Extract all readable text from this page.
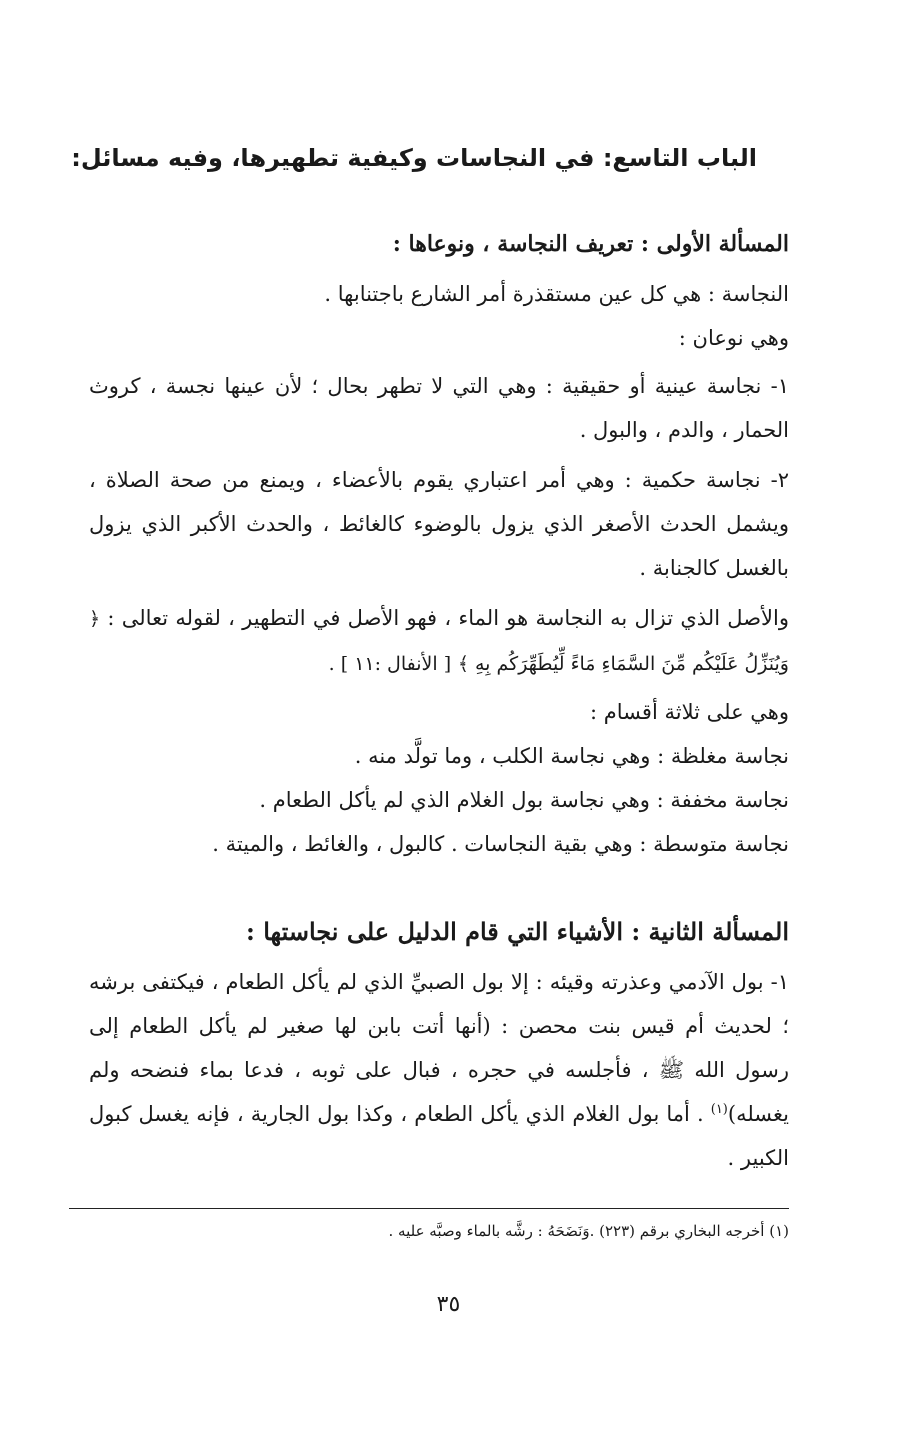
الباب التاسع: في النجاسات وكيفية تطهيرها، وفيه مسائل:

المسألة الأولى : تعريف النجاسة ، ونوعاها :

النجاسة : هي كل عين مستقذرة أمر الشارع باجتنابها .

وهي نوعان :

١- نجاسة عينية أو حقيقية : وهي التي لا تطهر بحال ؛ لأن عينها نجسة ، كروث الحمار ، والدم ، والبول .

٢- نجاسة حكمية : وهي أمر اعتباري يقوم بالأعضاء ، ويمنع من صحة الصلاة ، ويشمل الحدث الأصغر الذي يزول بالوضوء كالغائط ، والحدث الأكبر الذي يزول بالغسل كالجنابة .

والأصل الذي تزال به النجاسة هو الماء ، فهو الأصل في التطهير ، لقوله تعالى : ﴿ وَيُنَزِّلُ عَلَيْكُم مِّنَ السَّمَاءِ مَاءً لِّيُطَهِّرَكُم بِهِ ﴾ [ الأنفال :١١ ] .

وهي على ثلاثة أقسام :

نجاسة مغلظة : وهي نجاسة الكلب ، وما تولَّد منه .

نجاسة مخففة : وهي نجاسة بول الغلام الذي لم يأكل الطعام .

نجاسة متوسطة : وهي بقية النجاسات . كالبول ، والغائط ، والميتة .

المسألة الثانية : الأشياء التي قام الدليل على نجاستها :

١- بول الآدمي وعذرته وقيئه : إلا بول الصبيِّ الذي لم يأكل الطعام ، فيكتفى برشه ؛ لحديث أم قيس بنت محصن : (أنها أتت بابن لها صغير لم يأكل الطعام إلى رسول الله ﷺ ، فأجلسه في حجره ، فبال على ثوبه ، فدعا بماء فنضحه ولم يغسله)$^{(١)}$ . أما بول الغلام الذي يأكل الطعام ، وكذا بول الجارية ، فإنه يغسل كبول الكبير .

(١) أخرجه البخاري برقم (٢٢٣) .وَنَضَحَهُ : رشَّه بالماء وصبَّه عليه .
٣٥
